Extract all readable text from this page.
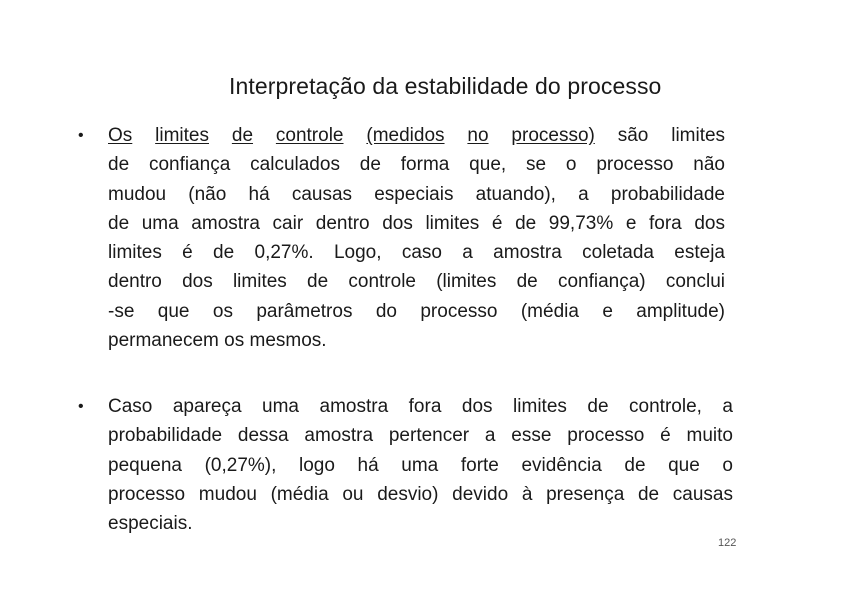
Interpretação da estabilidade do processo
• Os limites de controle (medidos no processo) são limites
de confiança calculados de forma que, se o processo não
mudou (não há causas especiais atuando), a probabilidade
de uma amostra cair dentro dos limites é de 99,73% e fora dos
limites é de 0,27%. Logo, caso a amostra coletada esteja
dentro dos limites de controle (limites de confiança) conclui
-se que os parâmetros do processo (média e amplitude)
permanecem os mesmos.
• Caso apareça uma amostra fora dos limites de controle, a
probabilidade dessa amostra pertencer a esse processo é muito
pequena (0,27%), logo há uma forte evidência de que o
processo mudou (média ou desvio) devido à presença de causas
especiais.
122
